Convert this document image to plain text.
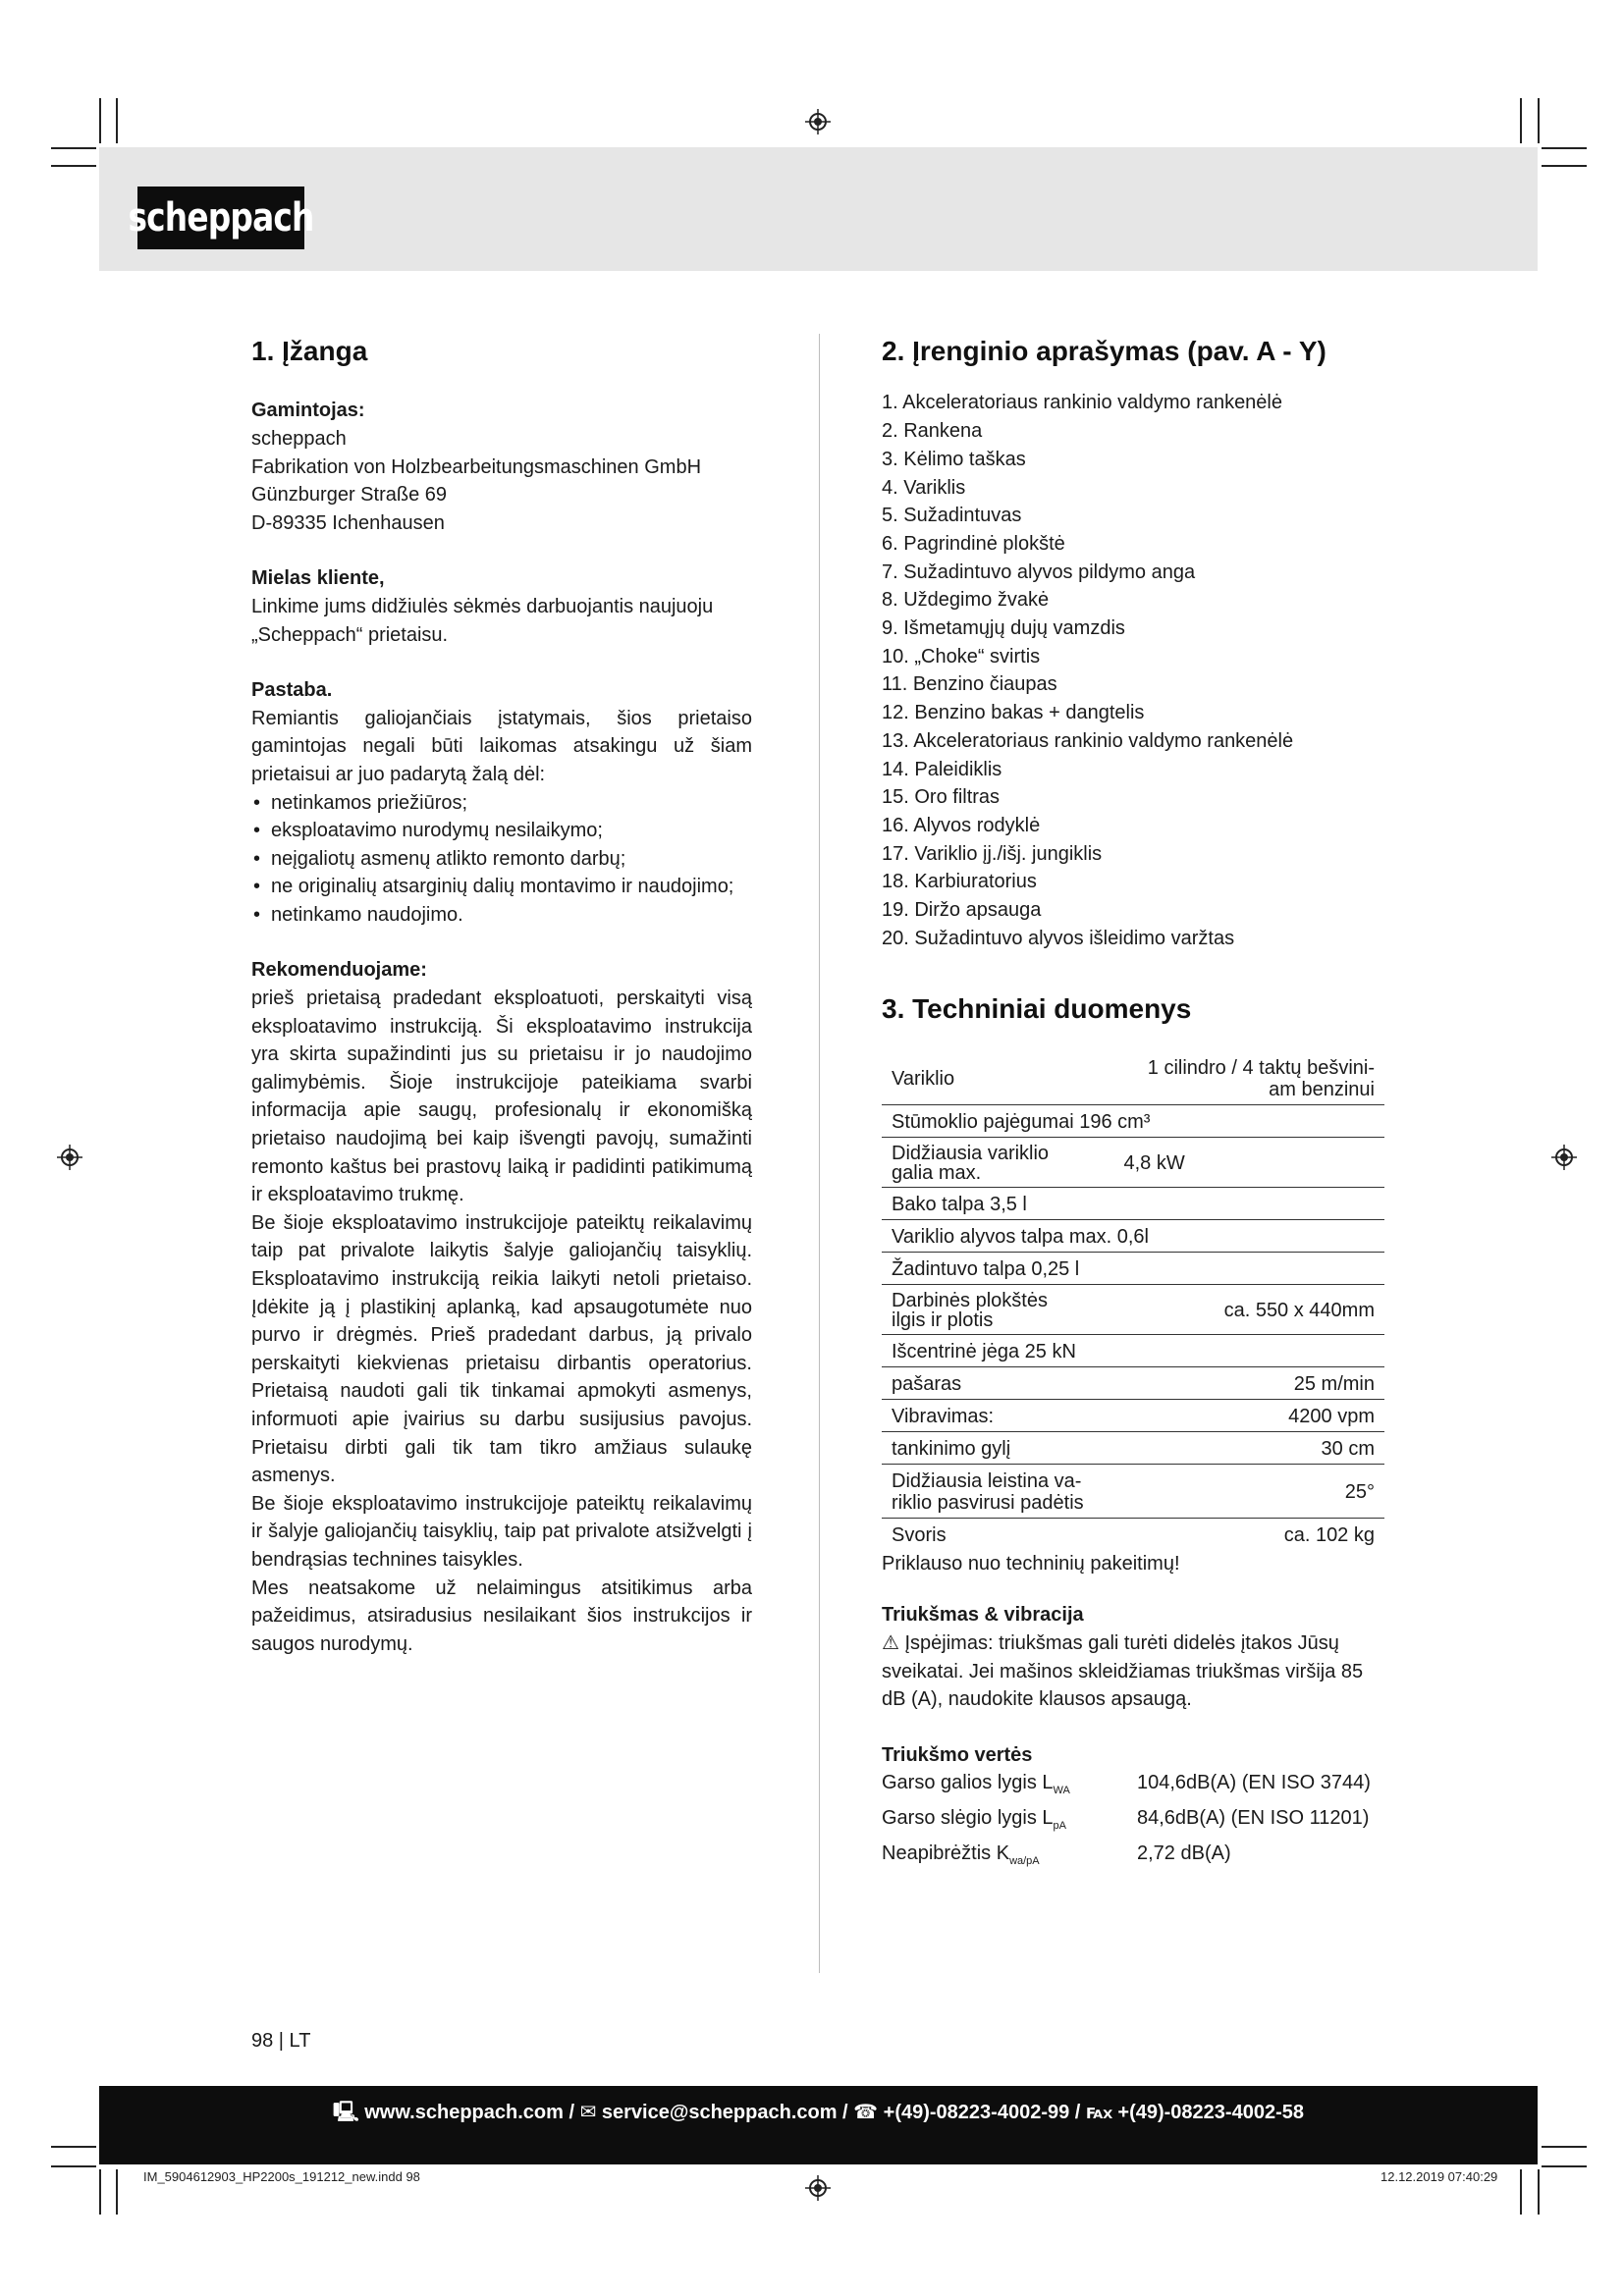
scheppach
1. Įžanga

Gamintojas:

scheppach

Fabrikation von Holzbearbeitungsmaschinen GmbH

Günzburger Straße 69

D-89335 Ichenhausen

Mielas kliente,

Linkime jums didžiulės sėkmės darbuojantis naujuoju „Scheppach“ prietaisu.

Pastaba.

Remiantis galiojančiais įstatymais, šios prietaiso gamintojas negali būti laikomas atsakingu už šiam prietaisui ar juo padarytą žalą dėl:

• netinkamos priežiūros;
• eksploatavimo nurodymų nesilaikymo;
• neįgaliotų asmenų atlikto remonto darbų;
• ne originalių atsarginių dalių montavimo ir naudojimo;
• netinkamo naudojimo.

Rekomenduojame:

prieš prietaisą pradedant eksploatuoti, perskaityti visą eksploatavimo instrukciją. Ši eksploatavimo instrukcija yra skirta supažindinti jus su prietaisu ir jo naudojimo galimybėmis. Šioje instrukcijoje pateikiama svarbi informacija apie saugų, profesionalų ir ekonomišką prietaiso naudojimą bei kaip išvengti pavojų, sumažinti remonto kaštus bei prastovų laiką ir padidinti patikimumą ir eksploatavimo trukmę.

Be šioje eksploatavimo instrukcijoje pateiktų reikalavimų taip pat privalote laikytis šalyje galiojančių taisyklių. Eksploatavimo instrukciją reikia laikyti netoli prietaiso. Įdėkite ją į plastikinį aplanką, kad apsaugotumėte nuo purvo ir drėgmės. Prieš pradedant darbus, ją privalo perskaityti kiekvienas prietaisu dirbantis operatorius. Prietaisą naudoti gali tik tinkamai apmokyti asmenys, informuoti apie įvairius su darbu susijusius pavojus. Prietaisu dirbti gali tik tam tikro amžiaus sulaukę asmenys.

Be šioje eksploatavimo instrukcijoje pateiktų reikalavimų ir šalyje galiojančių taisyklių, taip pat privalote atsižvelgti į bendrąsias technines taisykles.

Mes neatsakome už nelaimingus atsitikimus arba pažeidimus, atsiradusius nesilaikant šios instrukcijos ir saugos nurodymų.

2. Įrenginio aprašymas (pav. A - Y)
1. Akceleratoriaus rankinio valdymo rankenėlė
2. Rankena
3. Kėlimo taškas
4. Variklis
5. Sužadintuvas
6. Pagrindinė plokštė
7. Sužadintuvo alyvos pildymo anga
8. Uždegimo žvakė
9. Išmetamųjų dujų vamzdis
10. „Choke“ svirtis
11. Benzino čiaupas
12. Benzino bakas + dangtelis
13. Akceleratoriaus rankinio valdymo rankenėlė
14. Paleidiklis
15. Oro filtras
16. Alyvos rodyklė
17. Variklio įj./išj. jungiklis
18. Karbiuratorius
19. Diržo apsauga
20. Sužadintuvo alyvos išleidimo varžtas
3. Techniniai duomenys
Variklio	1 cilindro / 4 taktų bešvini-
am benzinui
Stūmoklio pajėgumai 196 cm³	
Didžiausia variklio
galia max.	4,8 kW
Bako talpa 3,5 l	
Variklio alyvos talpa max. 0,6l	
Žadintuvo talpa 0,25 l	
Darbinės plokštės
ilgis ir plotis	ca. 550 x 440mm
Išcentrinė jėga 25 kN	
pašaras	25 m/min
Vibravimas:	4200 vpm
tankinimo gylį	30 cm
Didžiausia leistina va-
riklio pasvirusi padėtis	25°
Svoris	ca. 102 kg

Priklauso nuo techninių pakeitimų!

Triukšmas & vibracija

⚠ Įspėjimas: triukšmas gali turėti didelės įtakos Jūsų sveikatai. Jei mašinos skleidžiamas triukšmas viršija 85 dB (A), naudokite klausos apsaugą.

Triukšmo vertės

Garso galios lygis $L_{WA}$	104,6dB(A) (EN ISO 3744)
Garso slėgio lygis $L_{pA}$	84,6dB(A) (EN ISO 11201)
Neapibrėžtis $K_{wa/pA}$	2,72 dB(A)
98 | LT
🖳 www.scheppach.com / ✉ service@scheppach.com / ☎ +(49)-08223-4002-99 / ℻ +(49)-08223-4002-58
IM_5904612903_HP2200s_191212_new.indd 98	12.12.2019 07:40:29
